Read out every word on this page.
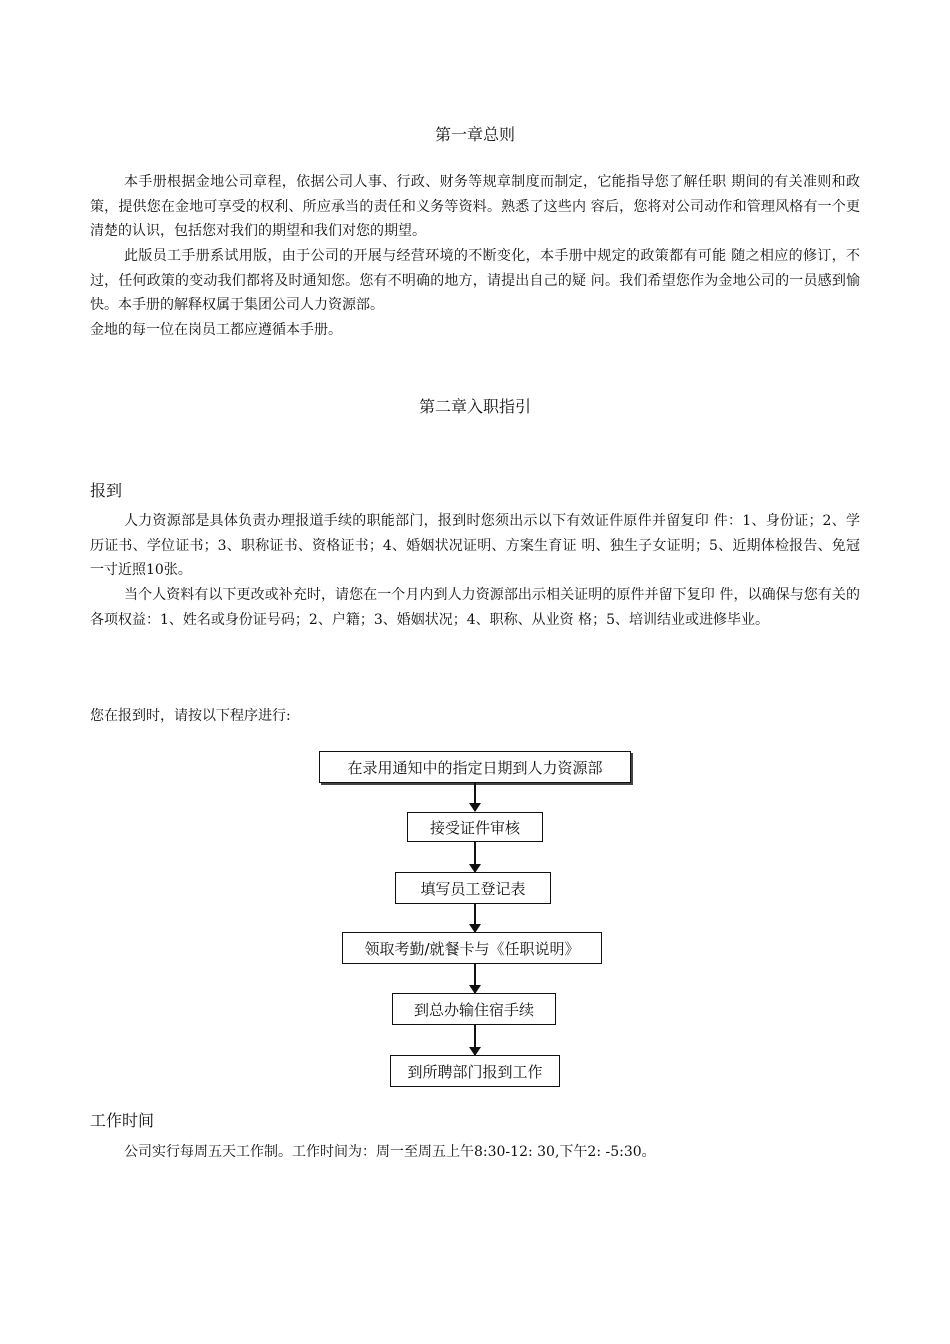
第一章总则

本手册根据金地公司章程，依据公司人事、行政、财务等规章制度而制定，它能指导您了解任职 期间的有关准则和政策，提供您在金地可享受的权利、所应承当的责任和义务等资料。熟悉了这些内 容后，您将对公司动作和管理风格有一个更清楚的认识，包括您对我们的期望和我们对您的期望。

此版员工手册系试用版，由于公司的开展与经营环境的不断变化，本手册中规定的政策都有可能 随之相应的修订，不过，任何政策的变动我们都将及时通知您。您有不明确的地方，请提出自己的疑 问。我们希望您作为金地公司的一员感到愉快。本手册的解释权属于集团公司人力资源部。

金地的每一位在岗员工都应遵循本手册。

第二章入职指引
报到

人力资源部是具体负责办理报道手续的职能部门，报到时您须出示以下有效证件原件并留复印 件：1、身份证；2、学历证书、学位证书；3、职称证书、资格证书；4、婚姻状况证明、方案生育证 明、独生子女证明；5、近期体检报告、免冠一寸近照10张。

当个人资料有以下更改或补充时，请您在一个月内到人力资源部出示相关证明的原件并留下复印 件，以确保与您有关的各项权益：1、姓名或身份证号码；2、户籍；3、婚姻状况；4、职称、从业资 格；5、培训结业或进修毕业。

您在报到时，请按以下程序进行:

在录用通知中的指定日期到人力资源部
接受证件审核
填写员工登记表
领取考勤/就餐卡与《任职说明》
到总办输住宿手续
到所聘部门报到工作
工作时间

公司实行每周五天工作制。工作时间为：周一至周五上午8:30-12: 30,下午2: -5:30。
